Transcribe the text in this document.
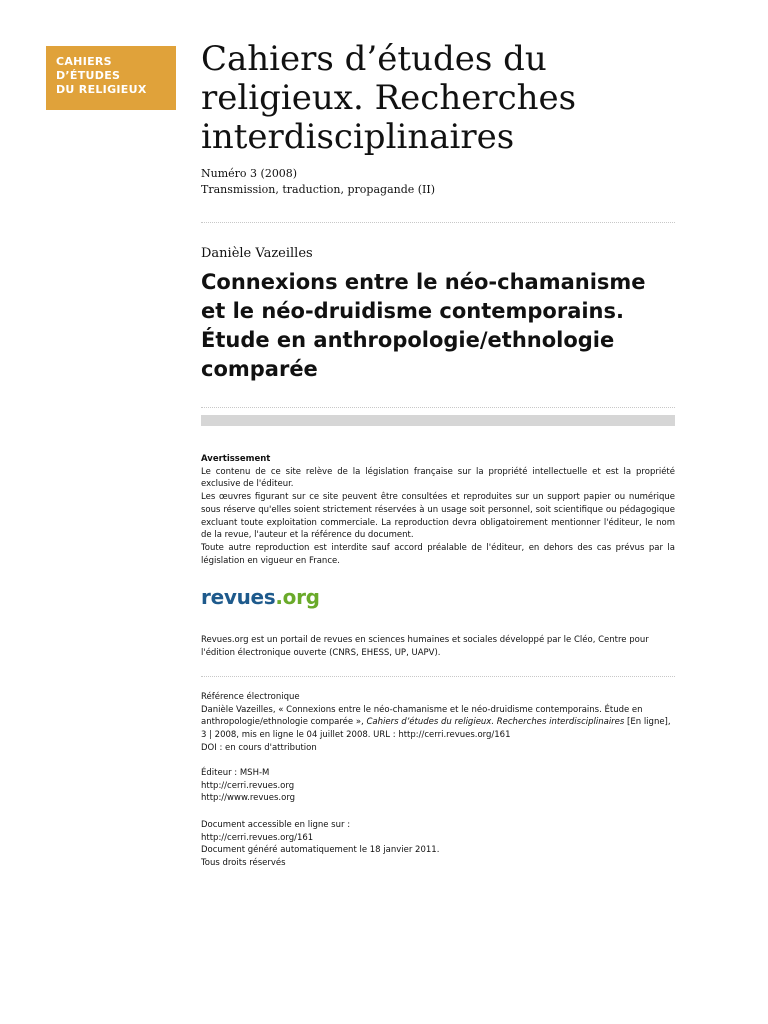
CAHIERS
D’ÉTUDES
DU RELIGIEUX
Cahiers d’études du religieux. Recherches interdisciplinaires
Numéro 3 (2008)
Transmission, traduction, propagande (II)
Danièle Vazeilles
Connexions entre le néo-chamanisme et le néo-druidisme contemporains. Étude en anthropologie/ethnologie comparée
Avertissement

Le contenu de ce site relève de la législation française sur la propriété intellectuelle et est la propriété exclusive de l'éditeur.

Les œuvres figurant sur ce site peuvent être consultées et reproduites sur un support papier ou numérique sous réserve qu'elles soient strictement réservées à un usage soit personnel, soit scientifique ou pédagogique excluant toute exploitation commerciale. La reproduction devra obligatoirement mentionner l'éditeur, le nom de la revue, l'auteur et la référence du document.

Toute autre reproduction est interdite sauf accord préalable de l'éditeur, en dehors des cas prévus par la législation en vigueur en France.

revues.org

Revues.org est un portail de revues en sciences humaines et sociales développé par le Cléo, Centre pour l'édition électronique ouverte (CNRS, EHESS, UP, UAPV).

Référence électronique
Danièle Vazeilles, « Connexions entre le néo-chamanisme et le néo-druidisme contemporains. Étude en anthropologie/ethnologie comparée », Cahiers d’études du religieux. Recherches interdisciplinaires [En ligne], 3 | 2008, mis en ligne le 04 juillet 2008. URL : http://cerri.revues.org/161
DOI : en cours d'attribution
Éditeur : MSH-M
http://cerri.revues.org
http://www.revues.org
Document accessible en ligne sur :
http://cerri.revues.org/161
Document généré automatiquement le 18 janvier 2011.
Tous droits réservés
